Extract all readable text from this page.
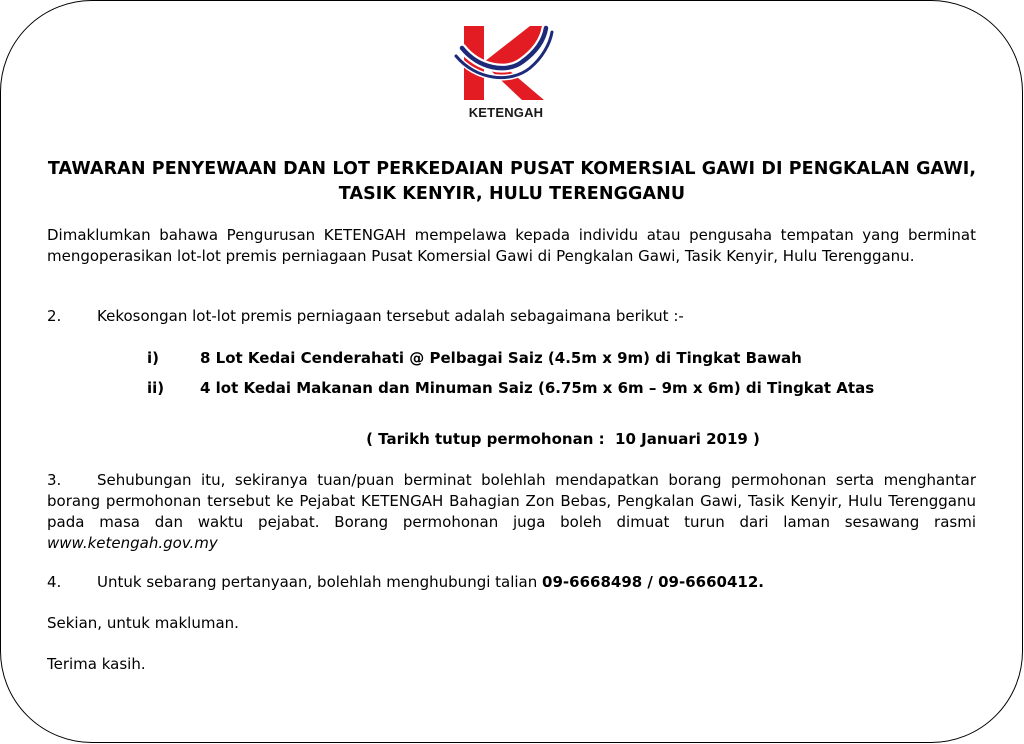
KETENGAH
TAWARAN PENYEWAAN DAN LOT PERKEDAIAN PUSAT KOMERSIAL GAWI DI PENGKALAN GAWI, TASIK KENYIR, HULU TERENGGANU
Dimaklumkan bahawa Pengurusan KETENGAH mempelawa kepada individu atau pengusaha tempatan yang berminat mengoperasikan lot-lot premis perniagaan Pusat Komersial Gawi di Pengkalan Gawi, Tasik Kenyir, Hulu Terengganu.
2. Kekosongan lot-lot premis perniagaan tersebut adalah sebagaimana berikut :-
i)	8 Lot Kedai Cenderahati @ Pelbagai Saiz (4.5m x 9m) di Tingkat Bawah
ii) 4 lot Kedai Makanan dan Minuman Saiz (6.75m x 6m – 9m x 6m) di Tingkat Atas
( Tarikh tutup permohonan :  10 Januari 2019 )
3. Sehubungan itu, sekiranya tuan/puan berminat bolehlah mendapatkan borang permohonan serta menghantar borang permohonan tersebut ke Pejabat KETENGAH Bahagian Zon Bebas, Pengkalan Gawi, Tasik Kenyir, Hulu Terengganu pada masa dan waktu pejabat. Borang permohonan juga boleh dimuat turun dari laman sesawang rasmi www.ketengah.gov.my
4. Untuk sebarang pertanyaan, bolehlah menghubungi talian 09-6668498 / 09-6660412.
Sekian, untuk makluman.
Terima kasih.
